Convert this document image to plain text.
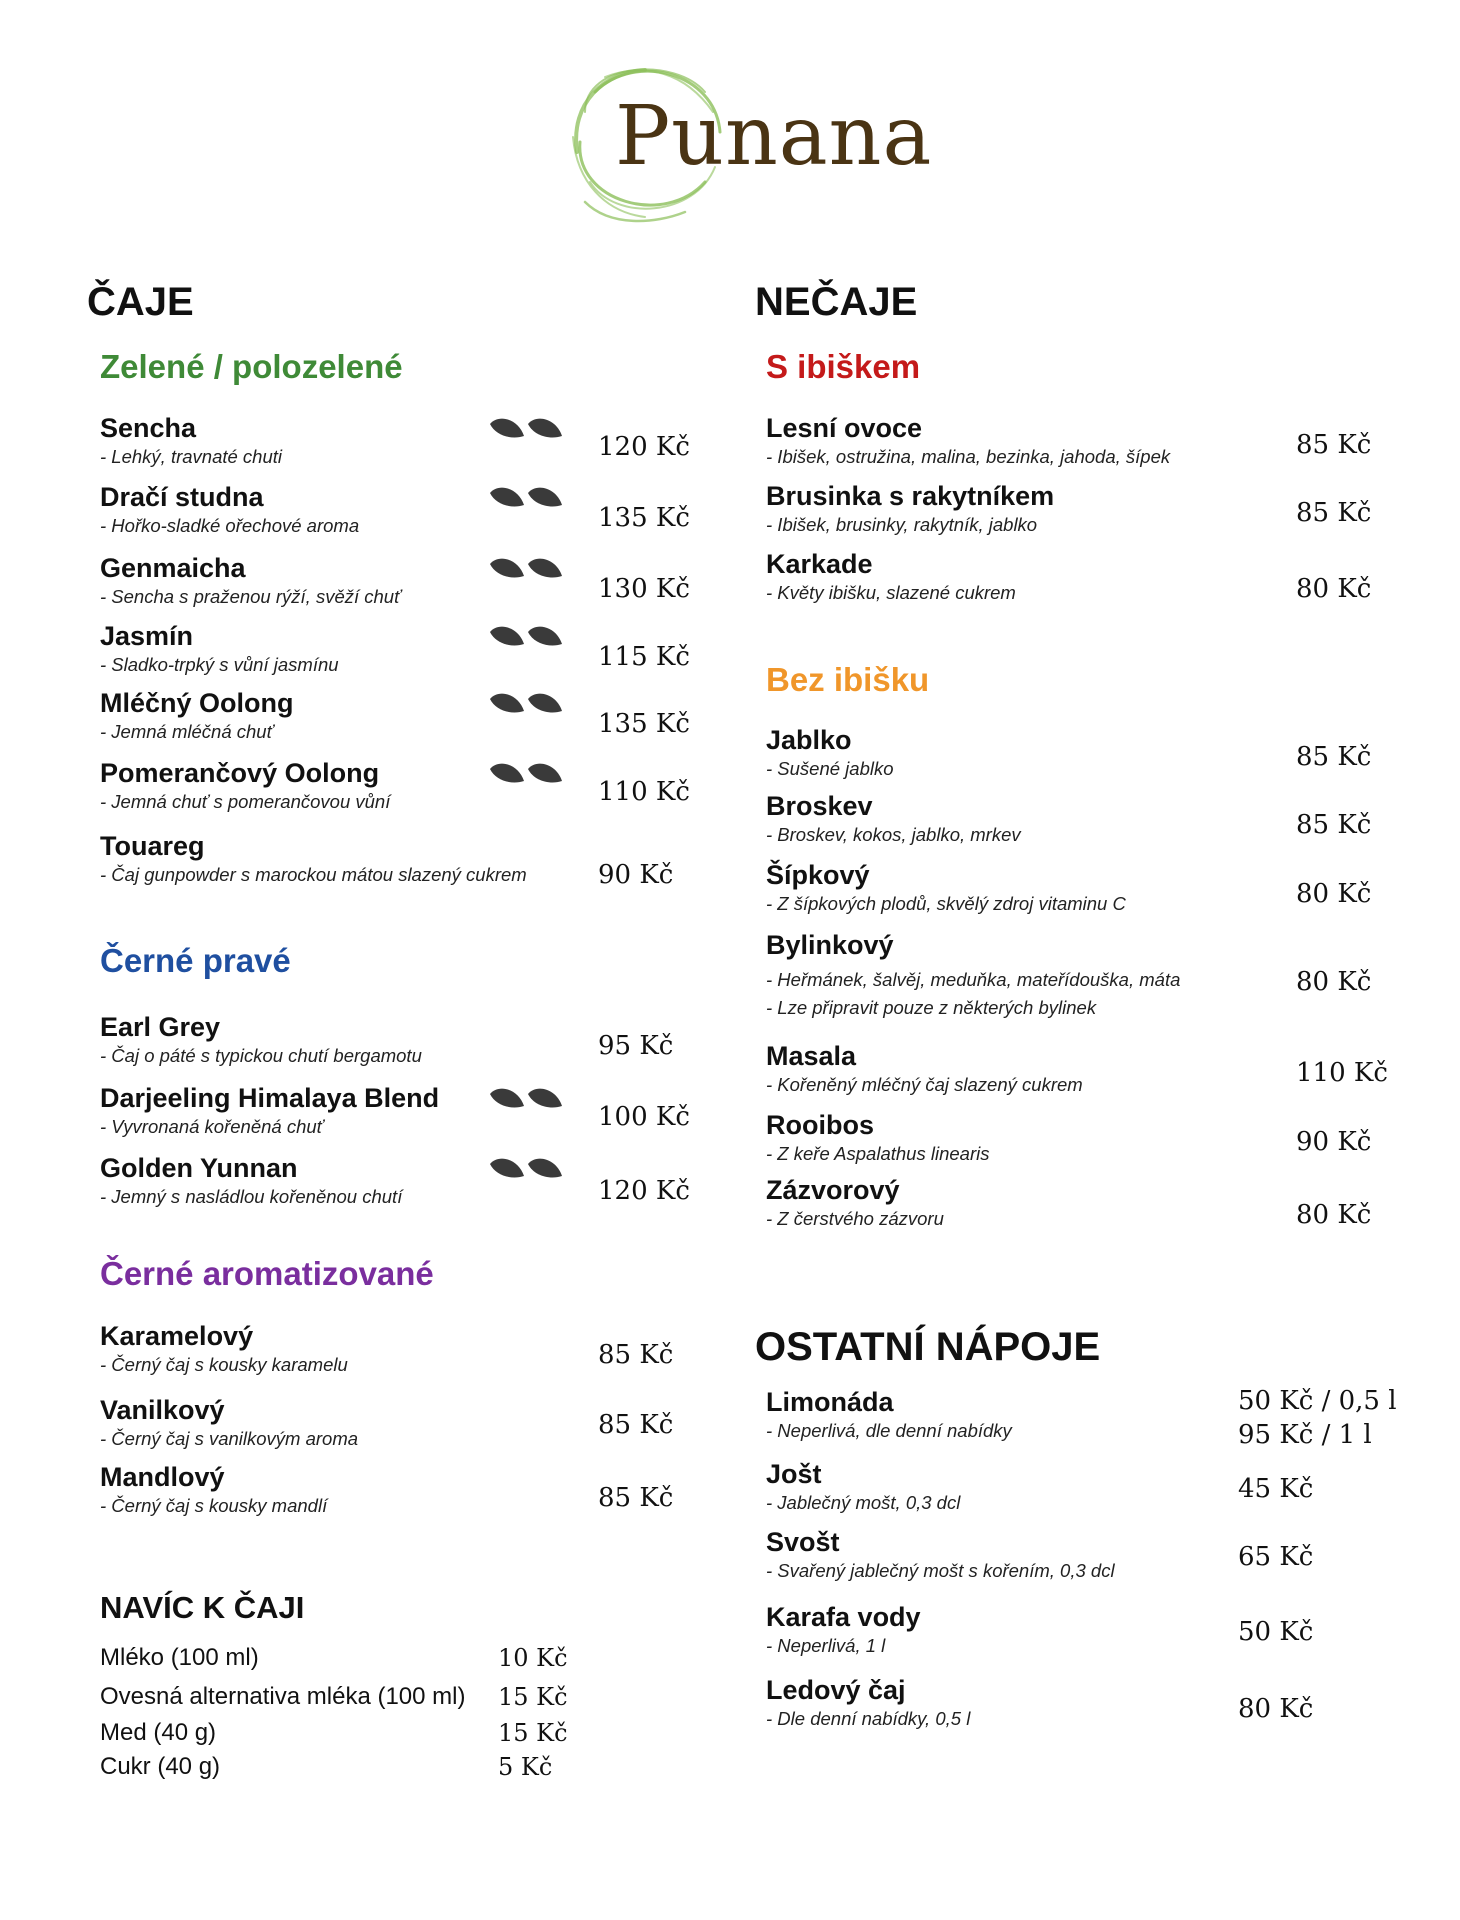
Punana
ČAJE
Zelené / polozelené
Sencha
- Lehký, travnaté chuti	120 Kč
Dračí studna
- Hořko-sladké ořechové aroma	135 Kč
Genmaicha
- Sencha s praženou rýží, svěží chuť	130 Kč
Jasmín
- Sladko-trpký s vůní jasmínu	115 Kč
Mléčný Oolong
- Jemná mléčná chuť	135 Kč
Pomerančový Oolong
- Jemná chuť s pomerančovou vůní	110 Kč
Touareg
- Čaj gunpowder s marockou mátou slazený cukrem	90 Kč
Černé pravé
Earl Grey
- Čaj o páté s typickou chutí bergamotu	95 Kč
Darjeeling Himalaya Blend
- Vyvronaná kořeněná chuť	100 Kč
Golden Yunnan
- Jemný s nasládlou kořeněnou chutí	120 Kč
Černé aromatizované
Karamelový
- Černý čaj s kousky karamelu	85 Kč
Vanilkový
- Černý čaj s vanilkovým aroma	85 Kč
Mandlový
- Černý čaj s kousky mandlí	85 Kč
NAVÍC K ČAJI
Mléko (100 ml)	10 Kč
Ovesná alternativa mléka (100 ml) 15 Kč
Med (40 g)	15 Kč
Cukr (40 g)	5 Kč
NEČAJE
S ibiškem
Lesní ovoce
- Ibišek, ostružina, malina, bezinka, jahoda, šípek	85 Kč
Brusinka s rakytníkem
- Ibišek, brusinky, rakytník, jablko	85 Kč
Karkade
- Květy ibišku, slazené cukrem	80 Kč
Bez ibišku
Jablko
- Sušené jablko	85 Kč
Broskev
- Broskev, kokos, jablko, mrkev	85 Kč
Šípkový
- Z šípkových plodů, skvělý zdroj vitaminu C	80 Kč
Bylinkový
- Heřmánek, šalvěj, meduňka, mateřídouška, máta
- Lze připravit pouze z některých bylinek
80 Kč
Masala
- Kořeněný mléčný čaj slazený cukrem	110 Kč
Rooibos
- Z keře Aspalathus linearis	90 Kč
Zázvorový
- Z čerstvého zázvoru	80 Kč
OSTATNÍ NÁPOJE
Limonáda
- Neperlivá, dle denní nabídky
50 Kč / 0,5 l
95 Kč / 1 l
Jošt
- Jablečný mošt, 0,3 dcl	45 Kč
Svošt
- Svařený jablečný mošt s kořením, 0,3 dcl	65 Kč
Karafa vody
- Neperlivá, 1 l	50 Kč
Ledový čaj
- Dle denní nabídky, 0,5 l	80 Kč
